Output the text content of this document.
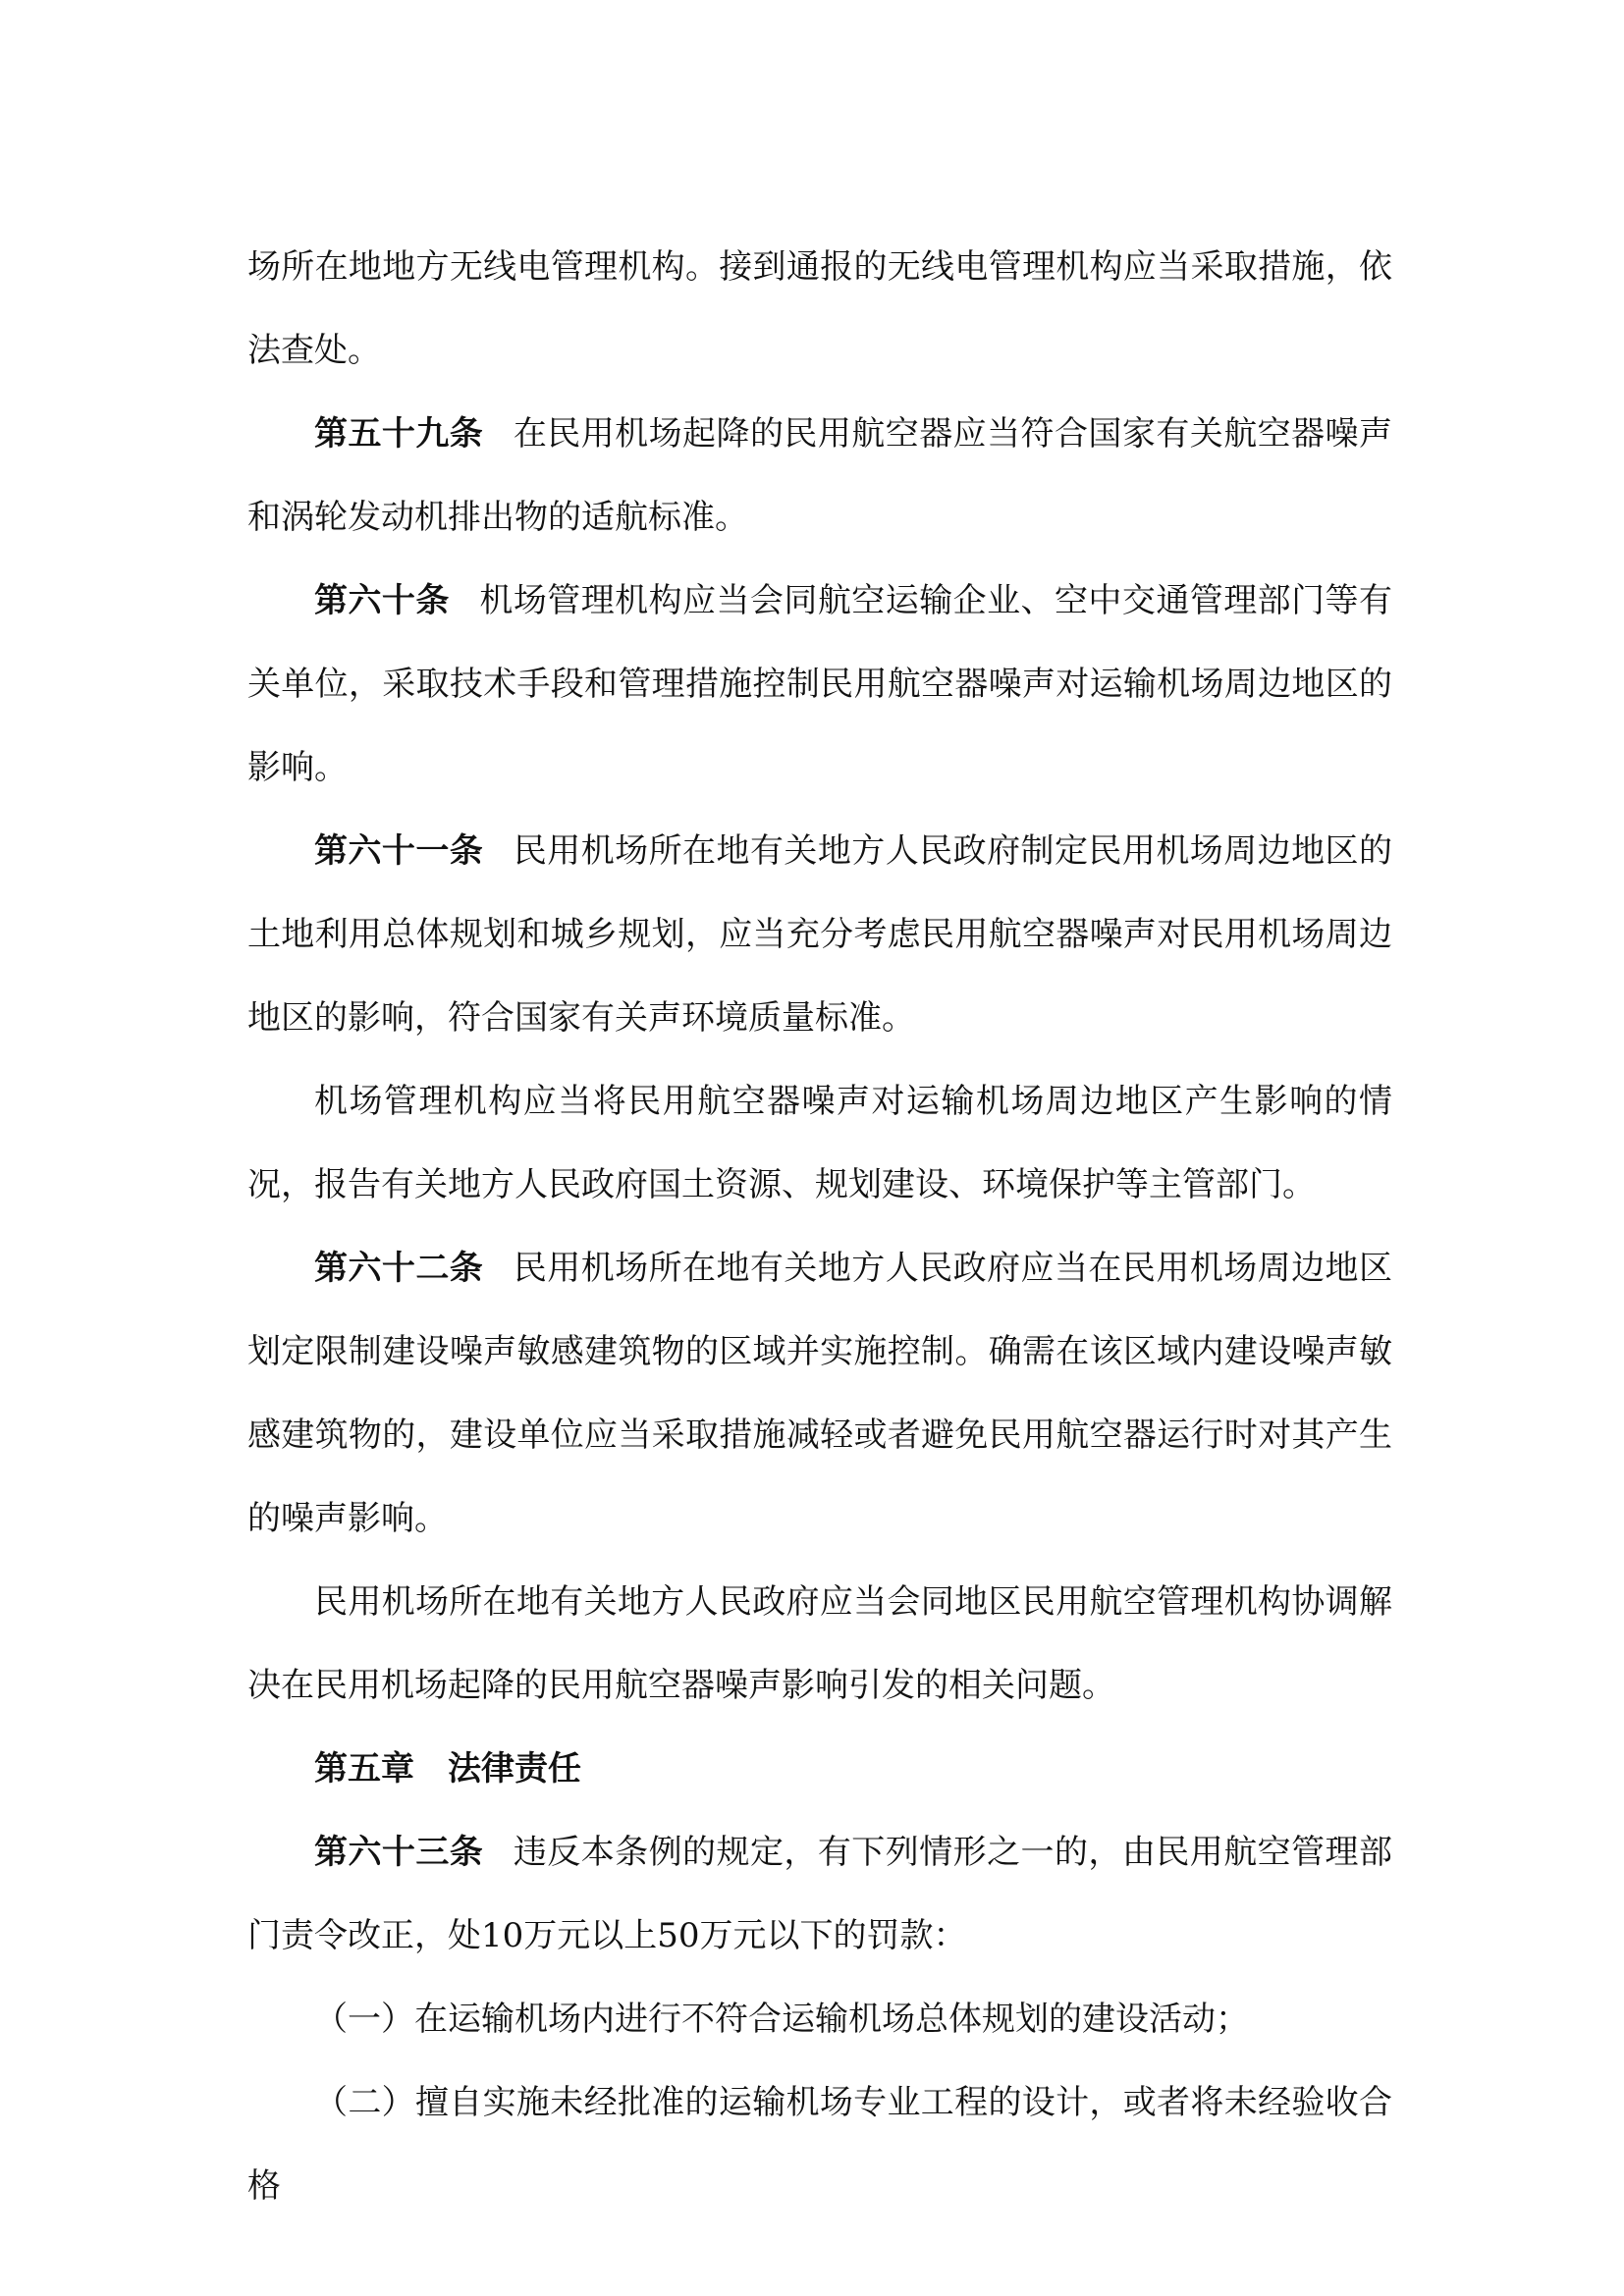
场所在地地方无线电管理机构。接到通报的无线电管理机构应当采取措施，依法查处。

第五十九条 在民用机场起降的民用航空器应当符合国家有关航空器噪声和涡轮发动机排出物的适航标准。

第六十条 机场管理机构应当会同航空运输企业、空中交通管理部门等有关单位，采取技术手段和管理措施控制民用航空器噪声对运输机场周边地区的影响。

第六十一条 民用机场所在地有关地方人民政府制定民用机场周边地区的土地利用总体规划和城乡规划，应当充分考虑民用航空器噪声对民用机场周边地区的影响，符合国家有关声环境质量标准。

机场管理机构应当将民用航空器噪声对运输机场周边地区产生影响的情况，报告有关地方人民政府国土资源、规划建设、环境保护等主管部门。

第六十二条 民用机场所在地有关地方人民政府应当在民用机场周边地区划定限制建设噪声敏感建筑物的区域并实施控制。确需在该区域内建设噪声敏感建筑物的，建设单位应当采取措施减轻或者避免民用航空器运行时对其产生的噪声影响。

民用机场所在地有关地方人民政府应当会同地区民用航空管理机构协调解决在民用机场起降的民用航空器噪声影响引发的相关问题。

第五章　法律责任

第六十三条 违反本条例的规定，有下列情形之一的，由民用航空管理部门责令改正，处10万元以上50万元以下的罚款：

（一）在运输机场内进行不符合运输机场总体规划的建设活动；

（二）擅自实施未经批准的运输机场专业工程的设计，或者将未经验收合格
